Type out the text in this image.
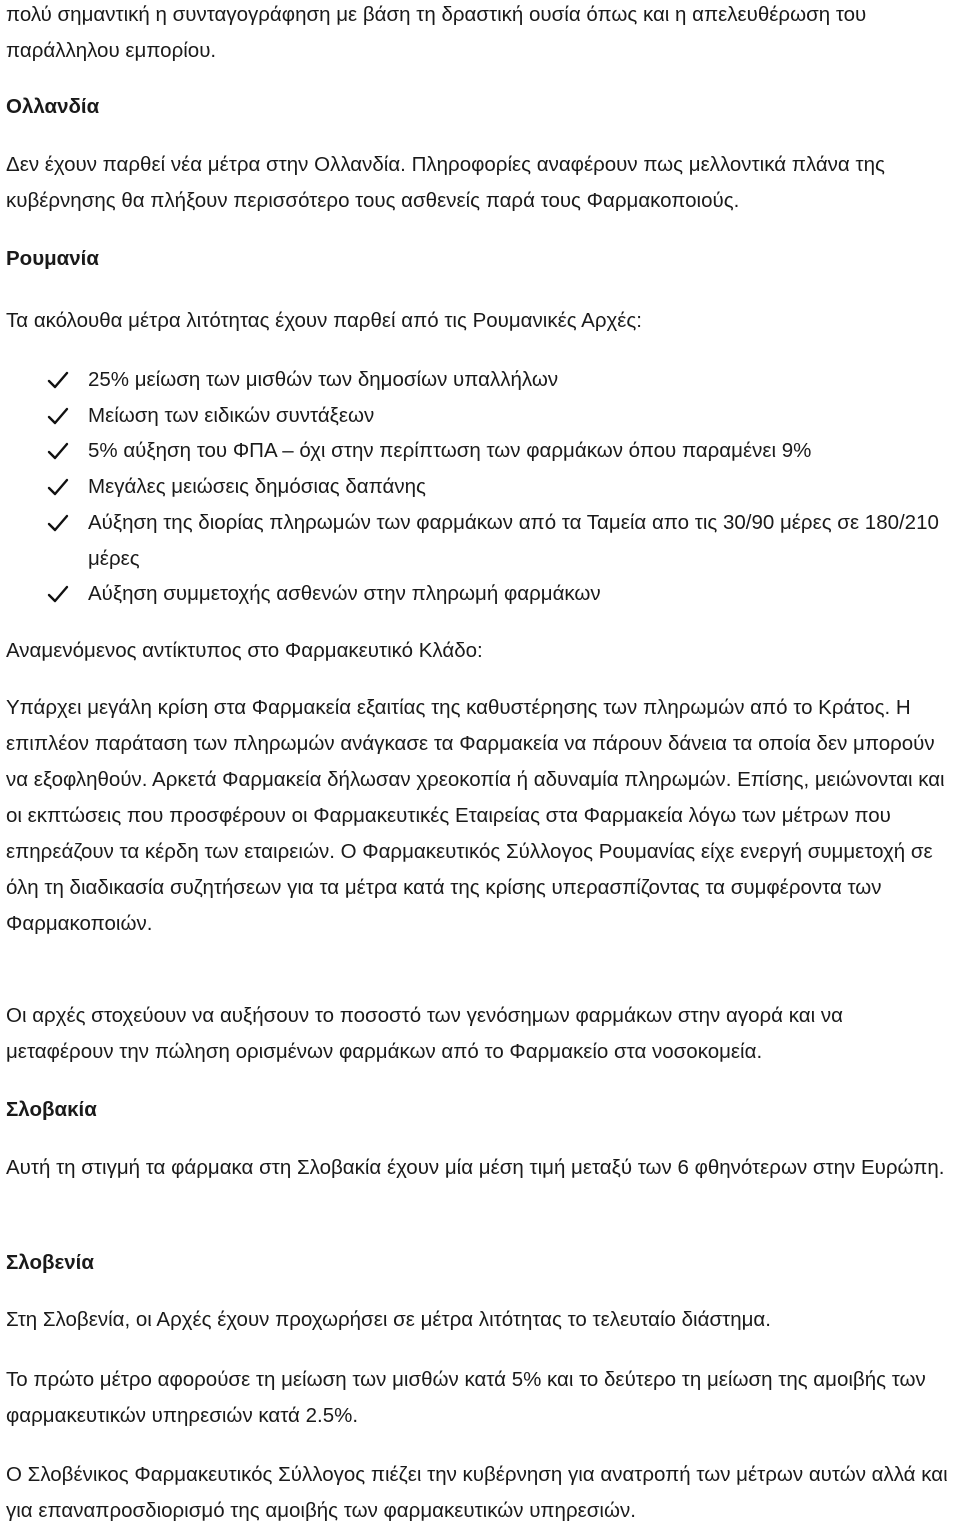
πολύ σημαντική η συνταγογράφηση με βάση τη δραστική ουσία όπως και η απελευθέρωση του παράλληλου εμπορίου.

Ολλανδία

Δεν έχουν παρθεί νέα μέτρα στην Ολλανδία. Πληροφορίες αναφέρουν πως μελλοντικά πλάνα της κυβέρνησης θα πλήξουν περισσότερο τους ασθενείς παρά τους Φαρμακοποιούς.

Ρουμανία

Τα ακόλουθα μέτρα λιτότητας έχουν παρθεί από τις Ρουμανικές Αρχές:

25% μείωση των μισθών των δημοσίων υπαλλήλων
Μείωση των ειδικών συντάξεων
5% αύξηση του ΦΠΑ – όχι στην περίπτωση των φαρμάκων όπου παραμένει 9%
Μεγάλες μειώσεις δημόσιας δαπάνης
Αύξηση της διορίας πληρωμών των φαρμάκων από τα Ταμεία απο τις 30/90 μέρες σε 180/210 μέρες
Αύξηση συμμετοχής ασθενών στην πληρωμή φαρμάκων

Αναμενόμενος αντίκτυπος στο Φαρμακευτικό Κλάδο:

Υπάρχει μεγάλη κρίση στα Φαρμακεία εξαιτίας της καθυστέρησης των πληρωμών από το Κράτος. Η επιπλέον παράταση των πληρωμών ανάγκασε τα Φαρμακεία να πάρουν δάνεια τα οποία δεν μπορούν να εξοφληθούν. Αρκετά Φαρμακεία δήλωσαν χρεοκοπία ή αδυναμία πληρωμών. Επίσης, μειώνονται και οι εκπτώσεις που προσφέρουν οι Φαρμακευτικές Εταιρείας στα Φαρμακεία λόγω των μέτρων που επηρεάζουν τα κέρδη των εταιρειών. Ο Φαρμακευτικός Σύλλογος Ρουμανίας είχε ενεργή συμμετοχή σε όλη τη διαδικασία συζητήσεων για τα μέτρα κατά της κρίσης υπερασπίζοντας τα συμφέροντα των Φαρμακοποιών.

Οι αρχές στοχεύουν να αυξήσουν το ποσοστό των γενόσημων φαρμάκων στην αγορά και να μεταφέρουν την πώληση ορισμένων φαρμάκων από το Φαρμακείο στα νοσοκομεία.

Σλοβακία

Αυτή τη στιγμή τα φάρμακα στη Σλοβακία έχουν μία μέση τιμή μεταξύ των 6 φθηνότερων στην Ευρώπη.

Σλοβενία

Στη Σλοβενία, οι Αρχές έχουν προχωρήσει σε μέτρα λιτότητας το τελευταίο διάστημα.

Το πρώτο μέτρο αφορούσε τη μείωση των μισθών κατά 5% και το δεύτερο τη μείωση της αμοιβής των φαρμακευτικών υπηρεσιών κατά 2.5%.

Ο Σλοβένικος Φαρμακευτικός Σύλλογος πιέζει την κυβέρνηση για ανατροπή των μέτρων αυτών αλλά και για επαναπροσδιορισμό της αμοιβής των φαρμακευτικών υπηρεσιών.
